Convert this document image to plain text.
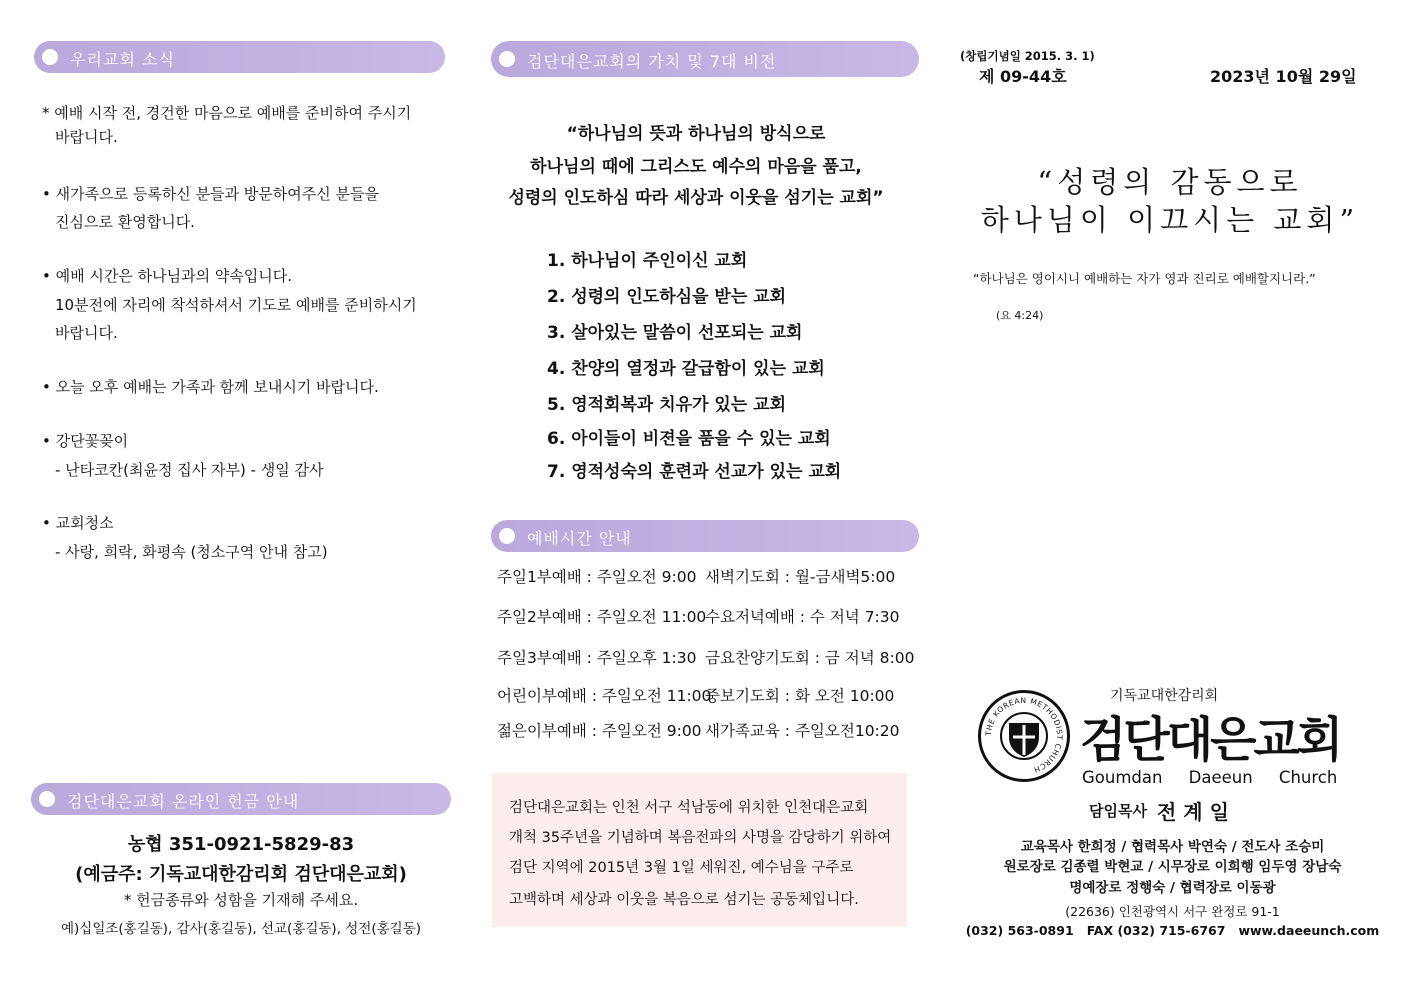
우리교회 소식
* 예배 시작 전, 경건한 마음으로 예배를 준비하여 주시기
바랍니다.
• 새가족으로 등록하신 분들과 방문하여주신 분들을
진심으로 환영합니다.
• 예배 시간은 하나님과의 약속입니다.
10분전에 자리에 착석하셔서 기도로 예배를 준비하시기
바랍니다.
• 오늘 오후 예배는 가족과 함께 보내시기 바랍니다.
• 강단꽃꽂이
- 난타코칸(최윤정 집사 자부) - 생일 감사
• 교회청소
- 사랑, 희락, 화평속 (청소구역 안내 참고)
검단대은교회 온라인 헌금 안내
농협 351-0921-5829-83
(예금주: 기독교대한감리회 검단대은교회)
* 헌금종류와 성함을 기재해 주세요.
예)십일조(홍길동), 감사(홍길동), 선교(홍길동), 성전(홍길동)
검단대은교회의 가치 및 7대 비전
“하나님의 뜻과 하나님의 방식으로
하나님의 때에 그리스도 예수의 마음을 품고,
성령의 인도하심 따라 세상과 이웃을 섬기는 교회”
1. 하나님이 주인이신 교회
2. 성령의 인도하심을 받는 교회
3. 살아있는 말씀이 선포되는 교회
4. 찬양의 열정과 갈급함이 있는 교회
5. 영적회복과 치유가 있는 교회
6. 아이들이 비젼을 품을 수 있는 교회
7. 영적성숙의 훈련과 선교가 있는 교회
예배시간 안내
주일1부예배 : 주일오전 9:00 새벽기도회 : 월-금새벽5:00
주일2부예배 : 주일오전 11:00
수요저녁예배 : 수 저녁 7:30
주일3부예배 : 주일오후 1:30 금요찬양기도회 : 금 저녁 8:00
어린이부예배 : 주일오전 11:00
중보기도회 : 화 오전 10:00
젊은이부예배 : 주일오전 9:00 새가족교육 : 주일오전10:20
검단대은교회는 인천 서구 석남동에 위치한 인천대은교회
개척 35주년을 기념하며 복음전파의 사명을 감당하기 위하여
검단 지역에 2015년 3월 1일 세워진, 예수님을 구주로
고백하며 세상과 이웃을 복음으로 섬기는 공동체입니다.
(창립기념일 2015. 3. 1)
제 09-44호	2023년 10월 29일
“성령의 감동으로
하나님이 이끄시는 교회”
“하나님은 영이시니 예배하는 자가 영과 진리로 예배할지니라.”
(요 4:24)
기독교대한감리회
THE KOREAN METHODIST CHURCH
검단대은교회
Goumdan     Daeeun     Church
담임목사 전 계 일
교육목사 한희정 / 협력목사 박연숙 / 전도사 조승미
원로장로 김종렬 박현교 / 시무장로 이희행 임두영 장남숙
명예장로 정행숙 / 협력장로 이동광
(22636) 인천광역시 서구 완정로 91-1
(032) 563-0891   FAX (032) 715-6767   www.daeeunch.com
